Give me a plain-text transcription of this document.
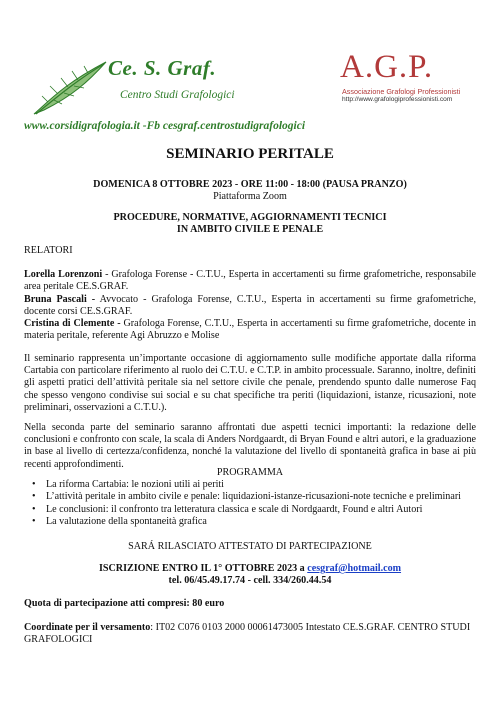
Ce. S. Graf.
Centro Studi Grafologici
A.G.P.
Associazione Grafologi Professionisti
http://www.grafologiprofessionisti.com
www.corsidigrafologia.it -Fb cesgraf.centrostudigrafologici
SEMINARIO PERITALE
DOMENICA 8 OTTOBRE 2023 - ORE 11:00 - 18:00 (PAUSA PRANZO)
Piattaforma Zoom
PROCEDURE, NORMATIVE, AGGIORNAMENTI TECNICI
IN AMBITO CIVILE E PENALE
RELATORI
Lorella Lorenzoni - Grafologa Forense - C.T.U., Esperta in accertamenti su firme grafometriche, responsabile area peritale CE.S.GRAF.
Bruna Pascali - Avvocato - Grafologa Forense, C.T.U., Esperta in accertamenti su firme grafometriche, docente corsi CE.S.GRAF.
Cristina di Clemente - Grafologa Forense, C.T.U., Esperta in accertamenti su firme grafometriche, docente in materia peritale, referente Agi Abruzzo e Molise
Il seminario rappresenta un’importante occasione di aggiornamento sulle modifiche apportate dalla riforma Cartabia con particolare riferimento al ruolo dei C.T.U. e C.T.P. in ambito processuale. Saranno, inoltre, definiti gli aspetti pratici dell’attività peritale sia nel settore civile che penale, prendendo spunto dalle numerose Faq che spesso vengono condivise sui social e su chat specifiche tra periti (liquidazioni, istanze, ricusazioni, note preliminari, osservazioni a C.T.U.).
Nella seconda parte del seminario saranno affrontati due aspetti tecnici importanti: la redazione delle conclusioni e confronto con scale, la scala di Anders Nordgaardt, di Bryan Found e altri autori, e la graduazione in base al livello di certezza/confidenza, nonché la valutazione del livello di spontaneità grafica in base ai più recenti approfondimenti.
PROGRAMMA
• La riforma Cartabia: le nozioni utili ai periti
• L’attività peritale in ambito civile e penale: liquidazioni-istanze-ricusazioni-note tecniche e preliminari
• Le conclusioni: il confronto tra letteratura classica e scale di Nordgaardt, Found e altri Autori
• La valutazione della spontaneità grafica
SARÁ RILASCIATO ATTESTATO DI PARTECIPAZIONE
ISCRIZIONE ENTRO IL 1° OTTOBRE 2023 a cesgraf@hotmail.com
tel. 06/45.49.17.74 - cell. 334/260.44.54
Quota di partecipazione atti compresi: 80 euro
Coordinate per il versamento: IT02 C076 0103 2000 00061473005 Intestato CE.S.GRAF. CENTRO STUDI GRAFOLOGICI
